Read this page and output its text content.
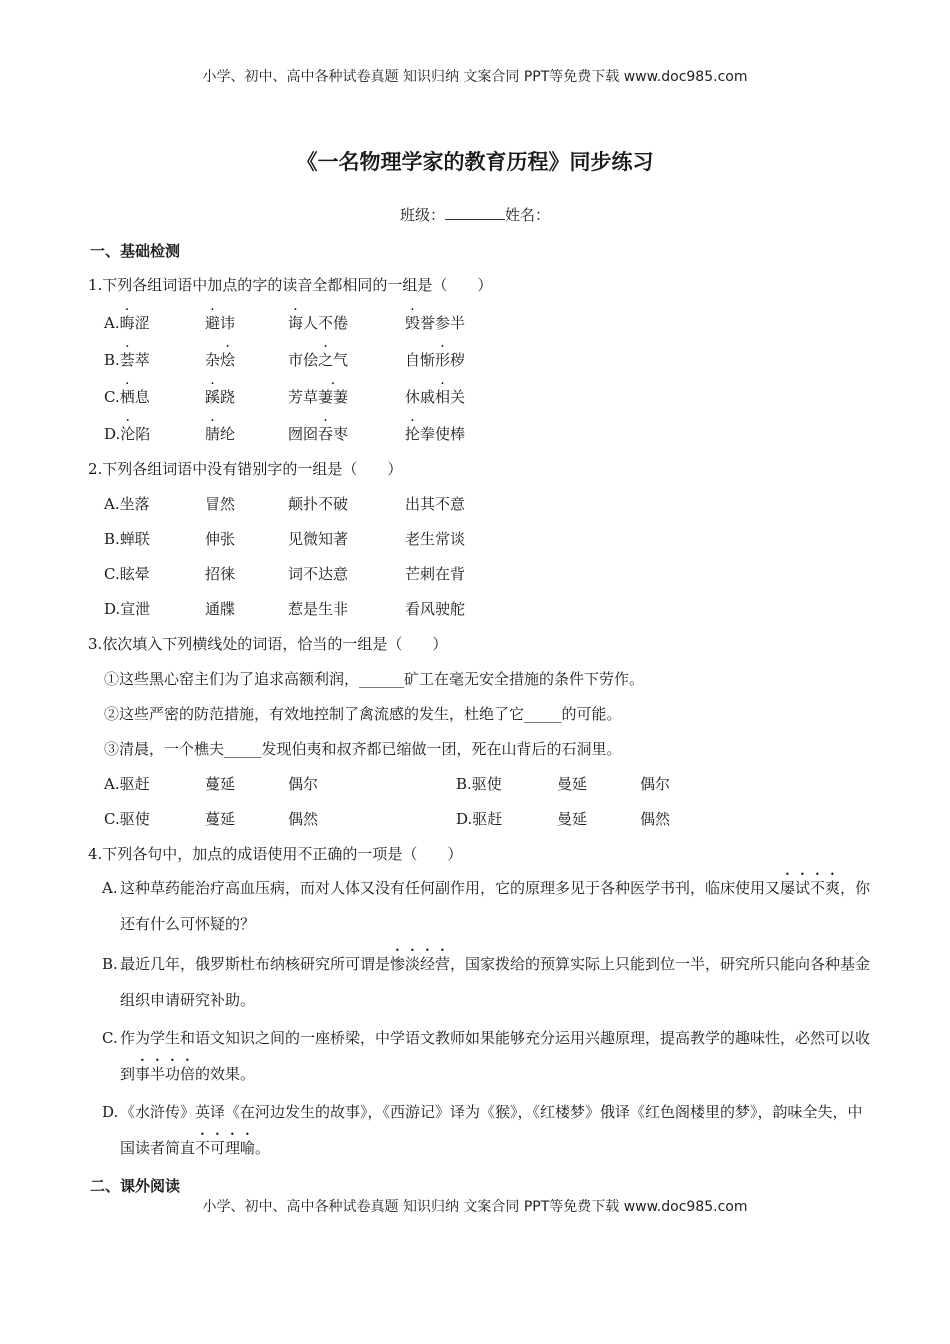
小学、初中、高中各种试卷真题 知识归纳 文案合同 PPT等免费下载 www.doc985.com
《一名物理学家的教育历程》同步练习
班级：	姓名：
一、基础检测
1.下列各组词语中加点的字的读音全都相同的一组是（　　）
A.晦涩	避讳	诲人不倦	毁誉参半
B.荟萃	杂烩	市侩之气	自惭形秽
C.栖息	蹊跷	芳草萋萋	休戚相关
D.沦陷	腈纶	囫囵吞枣	抡拳使棒
2.下列各组词语中没有错别字的一组是（　　）
A.坐落	冒然	颠扑不破	出其不意
B.蝉联	伸张	见微知著	老生常谈
C.眩晕	招徕	词不达意	芒刺在背
D.宣泄	通牒	惹是生非	看风驶舵
3.依次填入下列横线处的词语，恰当的一组是（　　）
①这些黑心窑主们为了追求高额利润，______矿工在毫无安全措施的条件下劳作。
②这些严密的防范措施，有效地控制了禽流感的发生，杜绝了它_____的可能。
③清晨，一个樵夫_____发现伯夷和叔齐都已缩做一团，死在山背后的石洞里。
A.驱赶	蔓延	偶尔	B.驱使	曼延	偶尔
C.驱使	蔓延	偶然	D.驱赶	曼延	偶然
4.下列各句中，加点的成语使用不正确的一项是（　　）
A. 这种草药能治疗高血压病，而对人体又没有任何副作用，它的原理多见于各种医学书刊，临床使用又屡试不爽，你还有什么可怀疑的？
B. 最近几年，俄罗斯杜布纳核研究所可谓是惨淡经营，国家拨给的预算实际上只能到位一半，研究所只能向各种基金组织申请研究补助。
C. 作为学生和语文知识之间的一座桥梁，中学语文教师如果能够充分运用兴趣原理，提高教学的趣味性，必然可以收到事半功倍的效果。
D. 《水浒传》英译《在河边发生的故事》，《西游记》译为《猴》，《红楼梦》俄译《红色阁楼里的梦》，韵味全失，中国读者简直不可理喻。
二、课外阅读
小学、初中、高中各种试卷真题 知识归纳 文案合同 PPT等免费下载 www.doc985.com
